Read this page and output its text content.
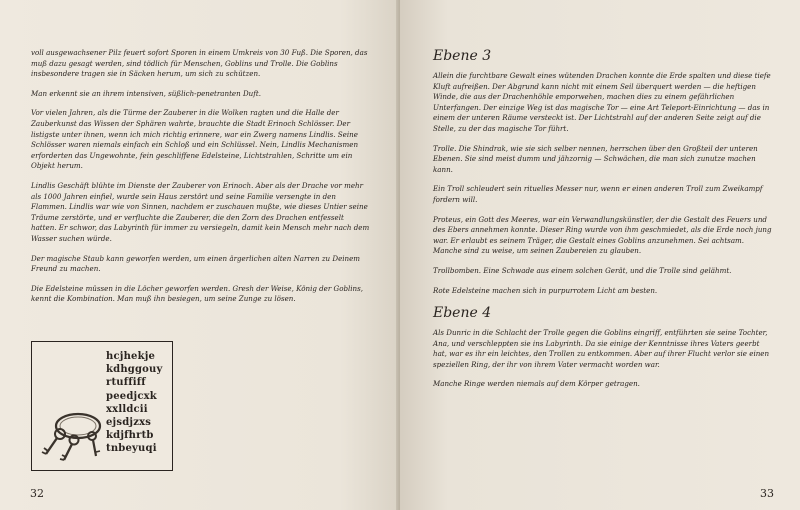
voll ausgewachsener Pilz feuert sofort Sporen in einem Umkreis von 30 Fuß. Die Sporen, das muß dazu gesagt werden, sind tödlich für Menschen, Goblins und Trolle. Die Goblins insbesondere tragen sie in Säcken herum, um sich zu schützen.

Man erkennt sie an ihrem intensiven, süßlich-penetranten Duft.

Vor vielen Jahren, als die Türme der Zauberer in die Wolken ragten und die Halle der Zauberkunst das Wissen der Sphären wahrte, brauchte die Stadt Erinoch Schlösser. Der listigste unter ihnen, wenn ich mich richtig erinnere, war ein Zwerg namens Lindlis. Seine Schlösser waren niemals einfach ein Schloß und ein Schlüssel. Nein, Lindlis Mechanismen erforderten das Ungewohnte, fein geschliffene Edelsteine, Lichtstrahlen, Schritte um ein Objekt herum.

Lindlis Geschäft blühte im Dienste der Zauberer von Erinoch. Aber als der Drache vor mehr als 1000 Jahren einfiel, wurde sein Haus zerstört und seine Familie versengte in den Flammen. Lindlis war wie von Sinnen, nachdem er zuschauen mußte, wie dieses Untier seine Träume zerstörte, und er verfluchte die Zauberer, die den Zorn des Drachen entfesselt hatten. Er schwor, das Labyrinth für immer zu versiegeln, damit kein Mensch mehr nach dem Wasser suchen würde.

Der magische Staub kann geworfen werden, um einen ärgerlichen alten Narren zu Deinem Freund zu machen.

Die Edelsteine müssen in die Löcher geworfen werden. Gresh der Weise, König der Goblins, kennt die Kombination. Man muß ihn besiegen, um seine Zunge zu lösen.

hcjhekje
kdhggouy
rtuffiff
peedjcxk
xxlldcii
ejsdjzxs
kdjfhrtb
tnbeyuqi
32
Ebene 3

Allein die furchtbare Gewalt eines wütenden Drachen konnte die Erde spalten und diese tiefe Kluft aufreißen. Der Abgrund kann nicht mit einem Seil überquert werden — die heftigen Winde, die aus der Drachenhöhle emporwehen, machen dies zu einem gefährlichen Unterfangen. Der einzige Weg ist das magische Tor — eine Art Teleport-Einrichtung — das in einem der unteren Räume versteckt ist. Der Lichtstrahl auf der anderen Seite zeigt auf die Stelle, zu der das magische Tor führt.

Trolle. Die Shindrak, wie sie sich selber nennen, herrschen über den Großteil der unteren Ebenen. Sie sind meist dumm und jähzornig — Schwächen, die man sich zunutze machen kann.

Ein Troll schleudert sein rituelles Messer nur, wenn er einen anderen Troll zum Zweikampf fordern will.

Proteus, ein Gott des Meeres, war ein Verwandlungskünstler, der die Gestalt des Feuers und des Ebers annehmen konnte. Dieser Ring wurde von ihm geschmiedet, als die Erde noch jung war. Er erlaubt es seinem Träger, die Gestalt eines Goblins anzunehmen. Sei achtsam. Manche sind zu weise, um seinen Zaubereien zu glauben.

Trollbomben. Eine Schwade aus einem solchen Gerät, und die Trolle sind gelähmt.

Rote Edelsteine machen sich in purpurrotem Licht am besten.

Ebene 4

Als Dunric in die Schlacht der Trolle gegen die Goblins eingriff, entführten sie seine Tochter, Ana, und verschleppten sie ins Labyrinth. Da sie einige der Kenntnisse ihres Vaters geerbt hat, war es ihr ein leichtes, den Trollen zu entkommen. Aber auf ihrer Flucht verlor sie einen speziellen Ring, der ihr von ihrem Vater vermacht worden war.

Manche Ringe werden niemals auf dem Körper getragen.

33
